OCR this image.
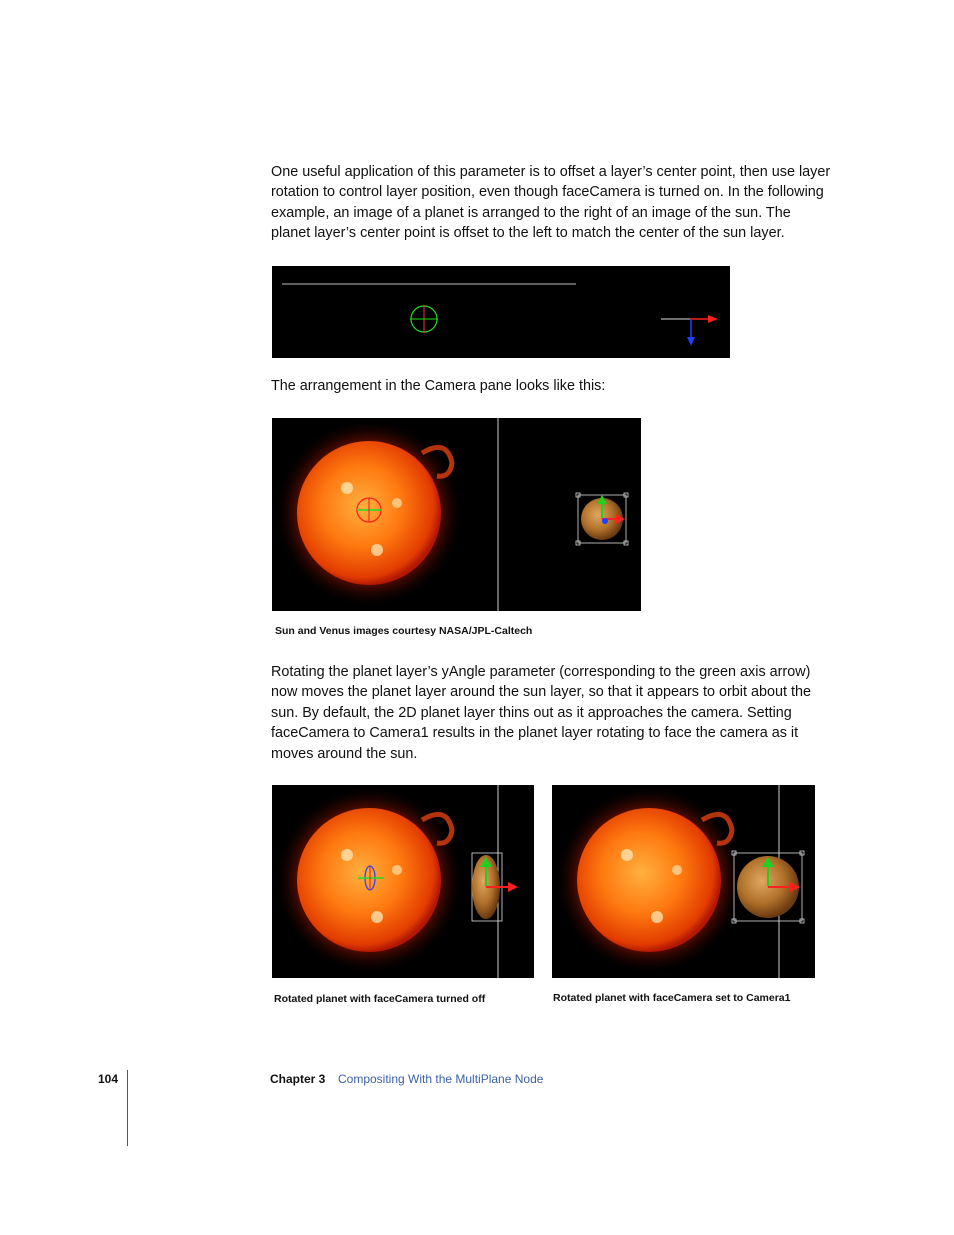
One useful application of this parameter is to offset a layer’s center point, then use layer rotation to control layer position, even though faceCamera is turned on. In the following example, an image of a planet is arranged to the right of an image of the sun. The planet layer’s center point is offset to the left to match the center of the sun layer.

The arrangement in the Camera pane looks like this:

Sun and Venus images courtesy NASA/JPL-Caltech

Rotating the planet layer’s yAngle parameter (corresponding to the green axis arrow) now moves the planet layer around the sun layer, so that it appears to orbit about the sun. By default, the 2D planet layer thins out as it approaches the camera. Setting faceCamera to Camera1 results in the planet layer rotating to face the camera as it moves around the sun.

Rotated planet with faceCamera turned off	Rotated planet with faceCamera set to Camera1
104	Chapter 3 Compositing With the MultiPlane Node
